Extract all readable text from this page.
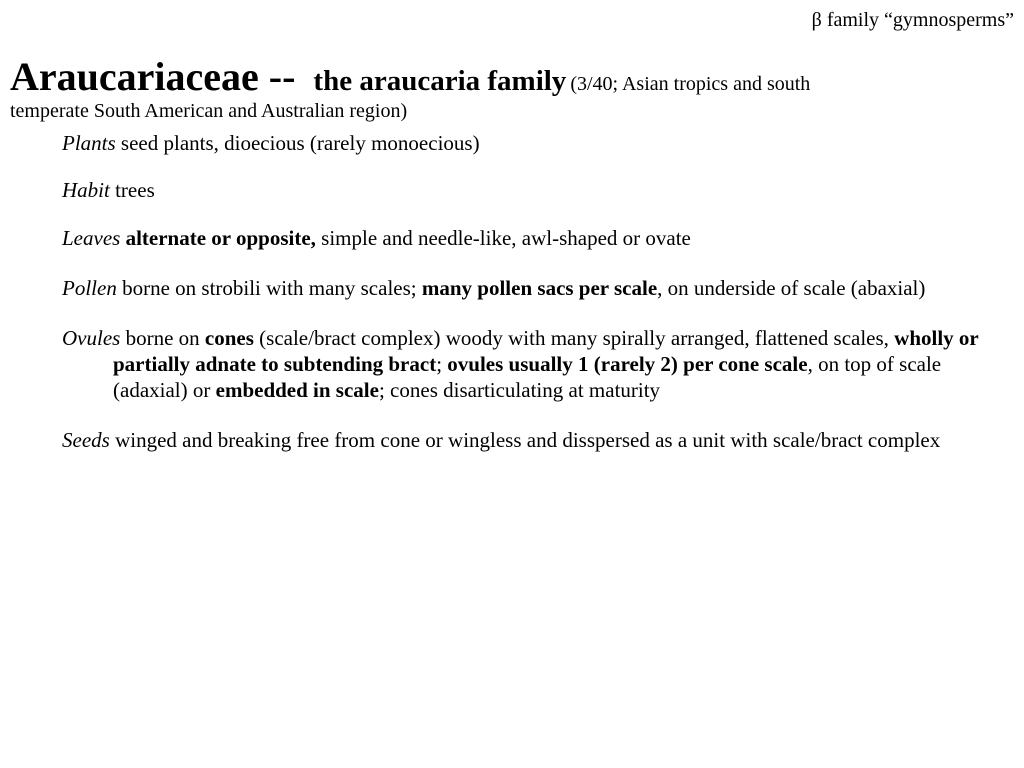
β family “gymnosperms”
Araucariaceae -- the araucaria family (3/40; Asian tropics and south
temperate South American and Australian region)
Plants seed plants, dioecious (rarely monoecious)
Habit trees
Leaves alternate or opposite, simple and needle-like, awl-shaped or ovate
Pollen borne on strobili with many scales; many pollen sacs per scale, on underside of scale (abaxial)
Ovules borne on cones (scale/bract complex) woody with many spirally arranged, flattened scales, wholly or partially adnate to subtending bract; ovules usually 1 (rarely 2) per cone scale, on top of scale (adaxial) or embedded in scale; cones disarticulating at maturity
Seeds winged and breaking free from cone or wingless and disspersed as a unit with scale/bract complex
